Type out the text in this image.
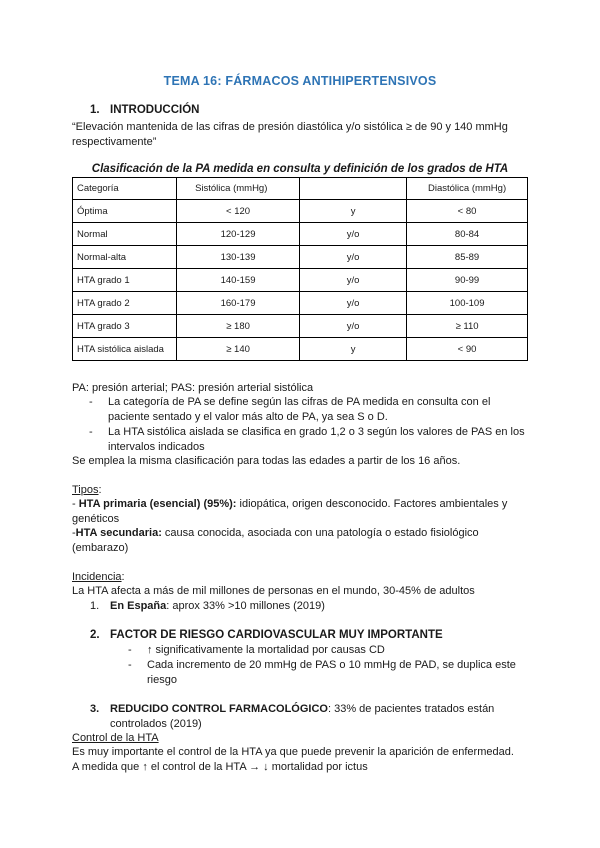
TEMA 16: FÁRMACOS ANTIHIPERTENSIVOS
1. INTRODUCCIÓN
“Elevación mantenida de las cifras de presión diastólica y/o sistólica ≥ de 90 y 140 mmHg respectivamente”
Clasificación de la PA medida en consulta y definición de los grados de HTA
Categoría	Sistólica (mmHg)		Diastólica (mmHg)
Óptima	< 120	y	< 80
Normal	120-129	y/o	80-84
Normal-alta	130-139	y/o	85-89
HTA grado 1	140-159	y/o	90-99
HTA grado 2	160-179	y/o	100-109
HTA grado 3	≥ 180	y/o	≥ 110
HTA sistólica aislada	≥ 140	y	< 90
PA: presión arterial; PAS: presión arterial sistólica
- La categoría de PA se define según las cifras de PA medida en consulta con el paciente sentado y el valor más alto de PA, ya sea S o D.
- La HTA sistólica aislada se clasifica en grado 1,2 o 3 según los valores de PAS en los intervalos indicados
Se emplea la misma clasificación para todas las edades a partir de los 16 años.
Tipos:
- HTA primaria (esencial) (95%): idiopática, origen desconocido. Factores ambientales y genéticos
-HTA secundaria: causa conocida, asociada con una patología o estado fisiológico (embarazo)
Incidencia:
La HTA afecta a más de mil millones de personas en el mundo, 30-45% de adultos
1. En España: aprox 33% >10 millones (2019)
2. FACTOR DE RIESGO CARDIOVASCULAR MUY IMPORTANTE
- ↑ significativamente la mortalidad por causas CD
- Cada incremento de 20 mmHg de PAS o 10 mmHg de PAD, se duplica este riesgo
3. REDUCIDO CONTROL FARMACOLÓGICO: 33% de pacientes tratados están controlados (2019)
Control de la HTA
Es muy importante el control de la HTA ya que puede prevenir la aparición de enfermedad.
A medida que ↑ el control de la HTA → ↓ mortalidad por ictus
